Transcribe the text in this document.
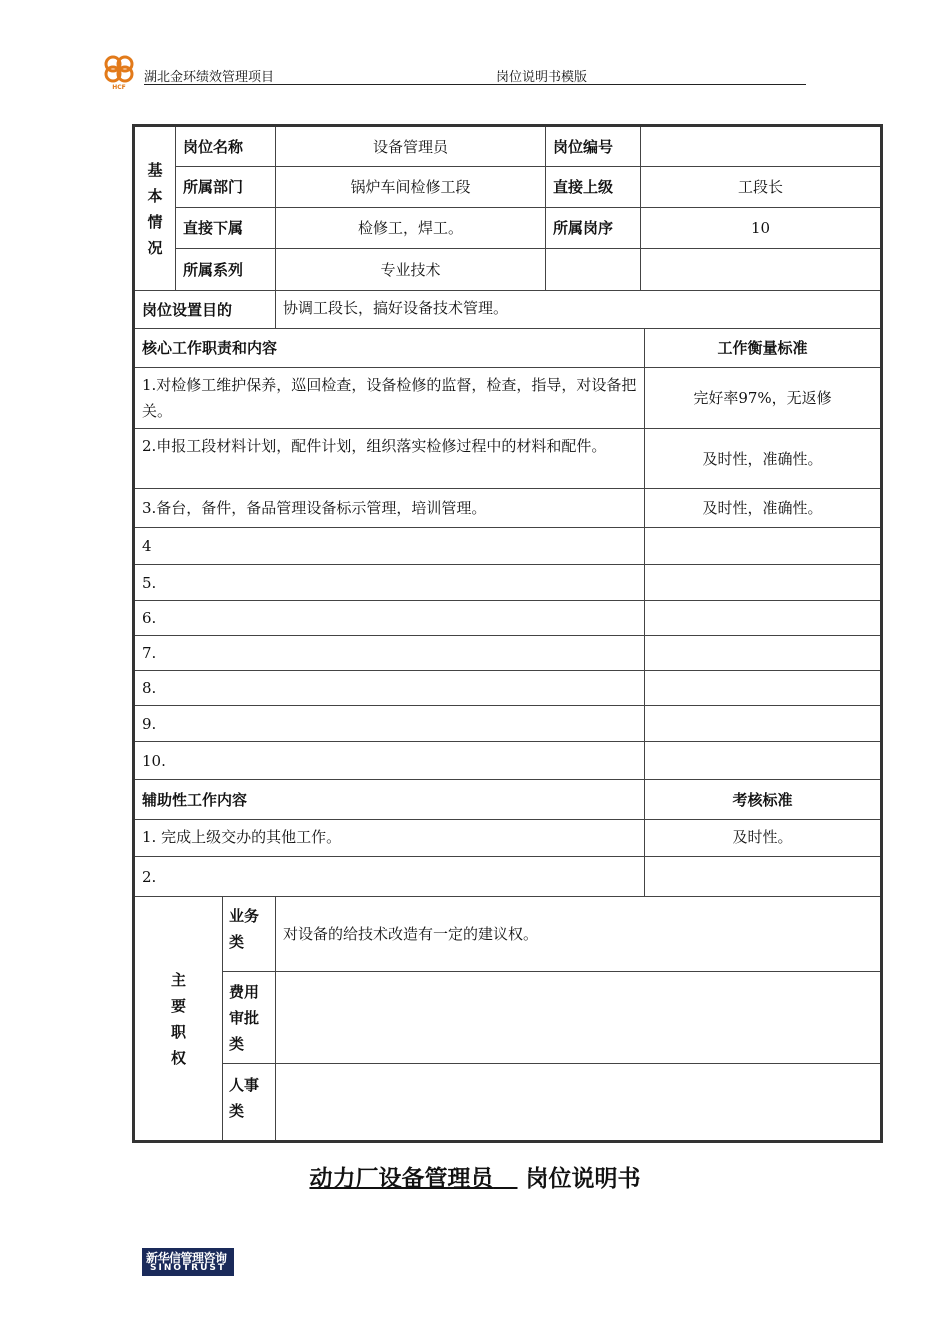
HCF
湖北金环绩效管理项目	岗位说明书模版
基本情况	岗位名称		设备管理员	岗位编号		
	所属部门		锅炉车间检修工段	直接上级	工段长	
	直接下属		检修工，焊工。	所属岗序	10	
	所属系列		专业技术			
岗位设置目的			协调工段长，搞好设备技术管理。			
核心工作职责和内容						工作衡量标准
1.对检修工维护保养，巡回检查，设备检修的监督，检查，指导，对设备把关。						完好率97%，无返修
2.申报工段材料计划，配件计划，组织落实检修过程中的材料和配件。						及时性，准确性。
3.备台，备件，备品管理设备标示管理，培训管理。						及时性，准确性。
4						
5.						
6.						
7.						
8.						
9.						
10.						
辅助性工作内容						考核标准
1. 完成上级交办的其他工作。						及时性。
2.						
主要职权		业务类	对设备的给技术改造有一定的建议权。			
		费用审批类				
		人事类				
动力厂设备管理员 岗位说明书
新华信管理咨询
SINOTRUST
